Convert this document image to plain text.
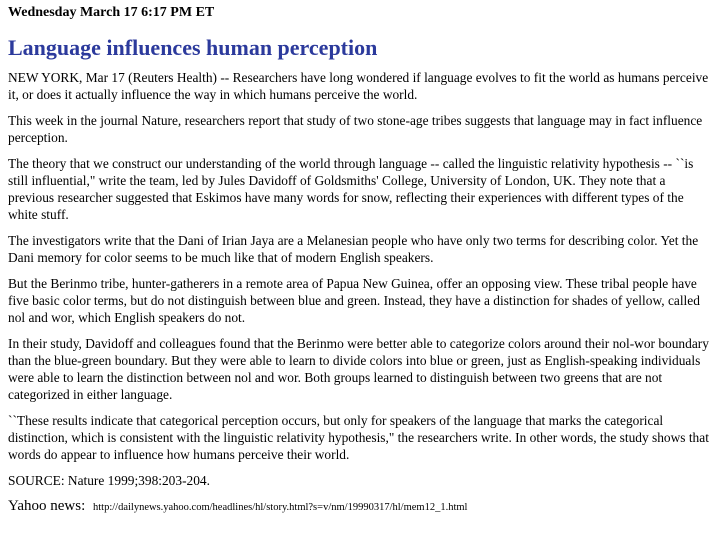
Wednesday March 17 6:17 PM ET

Language influences human perception

NEW YORK, Mar 17 (Reuters Health) -- Researchers have long wondered if language evolves to fit the world as humans perceive it, or does it actually influence the way in which humans perceive the world.

This week in the journal Nature, researchers report that study of two stone-age tribes suggests that language may in fact influence perception.

The theory that we construct our understanding of the world through language -- called the linguistic relativity hypothesis -- ``is still influential," write the team, led by Jules Davidoff of Goldsmiths' College, University of London, UK. They note that a previous researcher suggested that Eskimos have many words for snow, reflecting their experiences with different types of the white stuff.

The investigators write that the Dani of Irian Jaya are a Melanesian people who have only two terms for describing color. Yet the Dani memory for color seems to be much like that of modern English speakers.

But the Berinmo tribe, hunter-gatherers in a remote area of Papua New Guinea, offer an opposing view. These tribal people have five basic color terms, but do not distinguish between blue and green. Instead, they have a distinction for shades of yellow, called nol and wor, which English speakers do not.

In their study, Davidoff and colleagues found that the Berinmo were better able to categorize colors around their nol-wor boundary than the blue-green boundary. But they were able to learn to divide colors into blue or green, just as English-speaking individuals were able to learn the distinction between nol and wor. Both groups learned to distinguish between two greens that are not categorized in either language.

``These results indicate that categorical perception occurs, but only for speakers of the language that marks the categorical distinction, which is consistent with the linguistic relativity hypothesis," the researchers write. In other words, the study shows that words do appear to influence how humans perceive their world.

SOURCE: Nature 1999;398:203-204.

Yahoo news: http://dailynews.yahoo.com/headlines/hl/story.html?s=v/nm/19990317/hl/mem12_1.html
